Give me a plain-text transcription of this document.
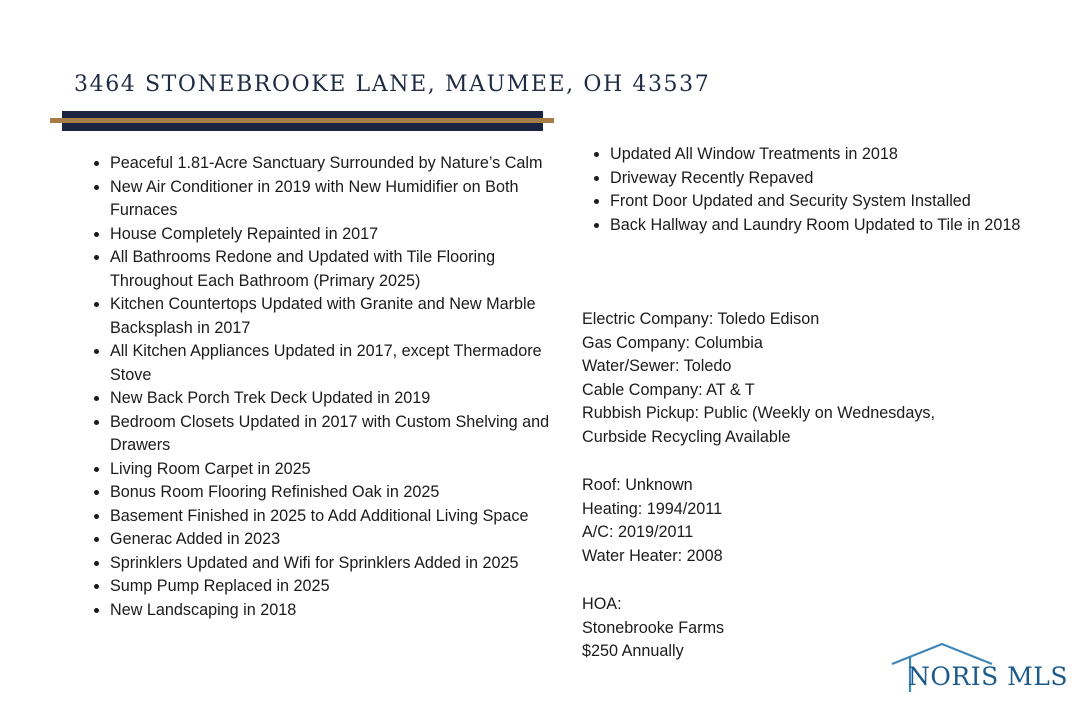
3464 STONEBROOKE LANE, MAUMEE, OH 43537
• Peaceful 1.81-Acre Sanctuary Surrounded by Nature’s Calm
• New Air Conditioner in 2019 with New Humidifier on Both Furnaces
• House Completely Repainted in 2017
• All Bathrooms Redone and Updated with Tile Flooring Throughout Each Bathroom (Primary 2025)
• Kitchen Countertops Updated with Granite and New Marble Backsplash in 2017
• All Kitchen Appliances Updated in 2017, except Thermadore Stove
• New Back Porch Trek Deck Updated in 2019
• Bedroom Closets Updated in 2017 with Custom Shelving and Drawers
• Living Room Carpet in 2025
• Bonus Room Flooring Refinished Oak in 2025
• Basement Finished in 2025 to Add Additional Living Space
• Generac Added in 2023
• Sprinklers Updated and Wifi for Sprinklers Added in 2025
• Sump Pump Replaced in 2025
• New Landscaping in 2018
• Updated All Window Treatments in 2018
• Driveway Recently Repaved
• Front Door Updated and Security System Installed
• Back Hallway and Laundry Room Updated to Tile in 2018
Electric Company: Toledo Edison
Gas Company: Columbia
Water/Sewer: Toledo
Cable Company: AT & T
Rubbish Pickup: Public (Weekly on Wednesdays,
Curbside Recycling Available
Roof: Unknown
Heating: 1994/2011
A/C: 2019/2011
Water Heater: 2008
HOA:
Stonebrooke Farms
$250 Annually
NORIS MLS
